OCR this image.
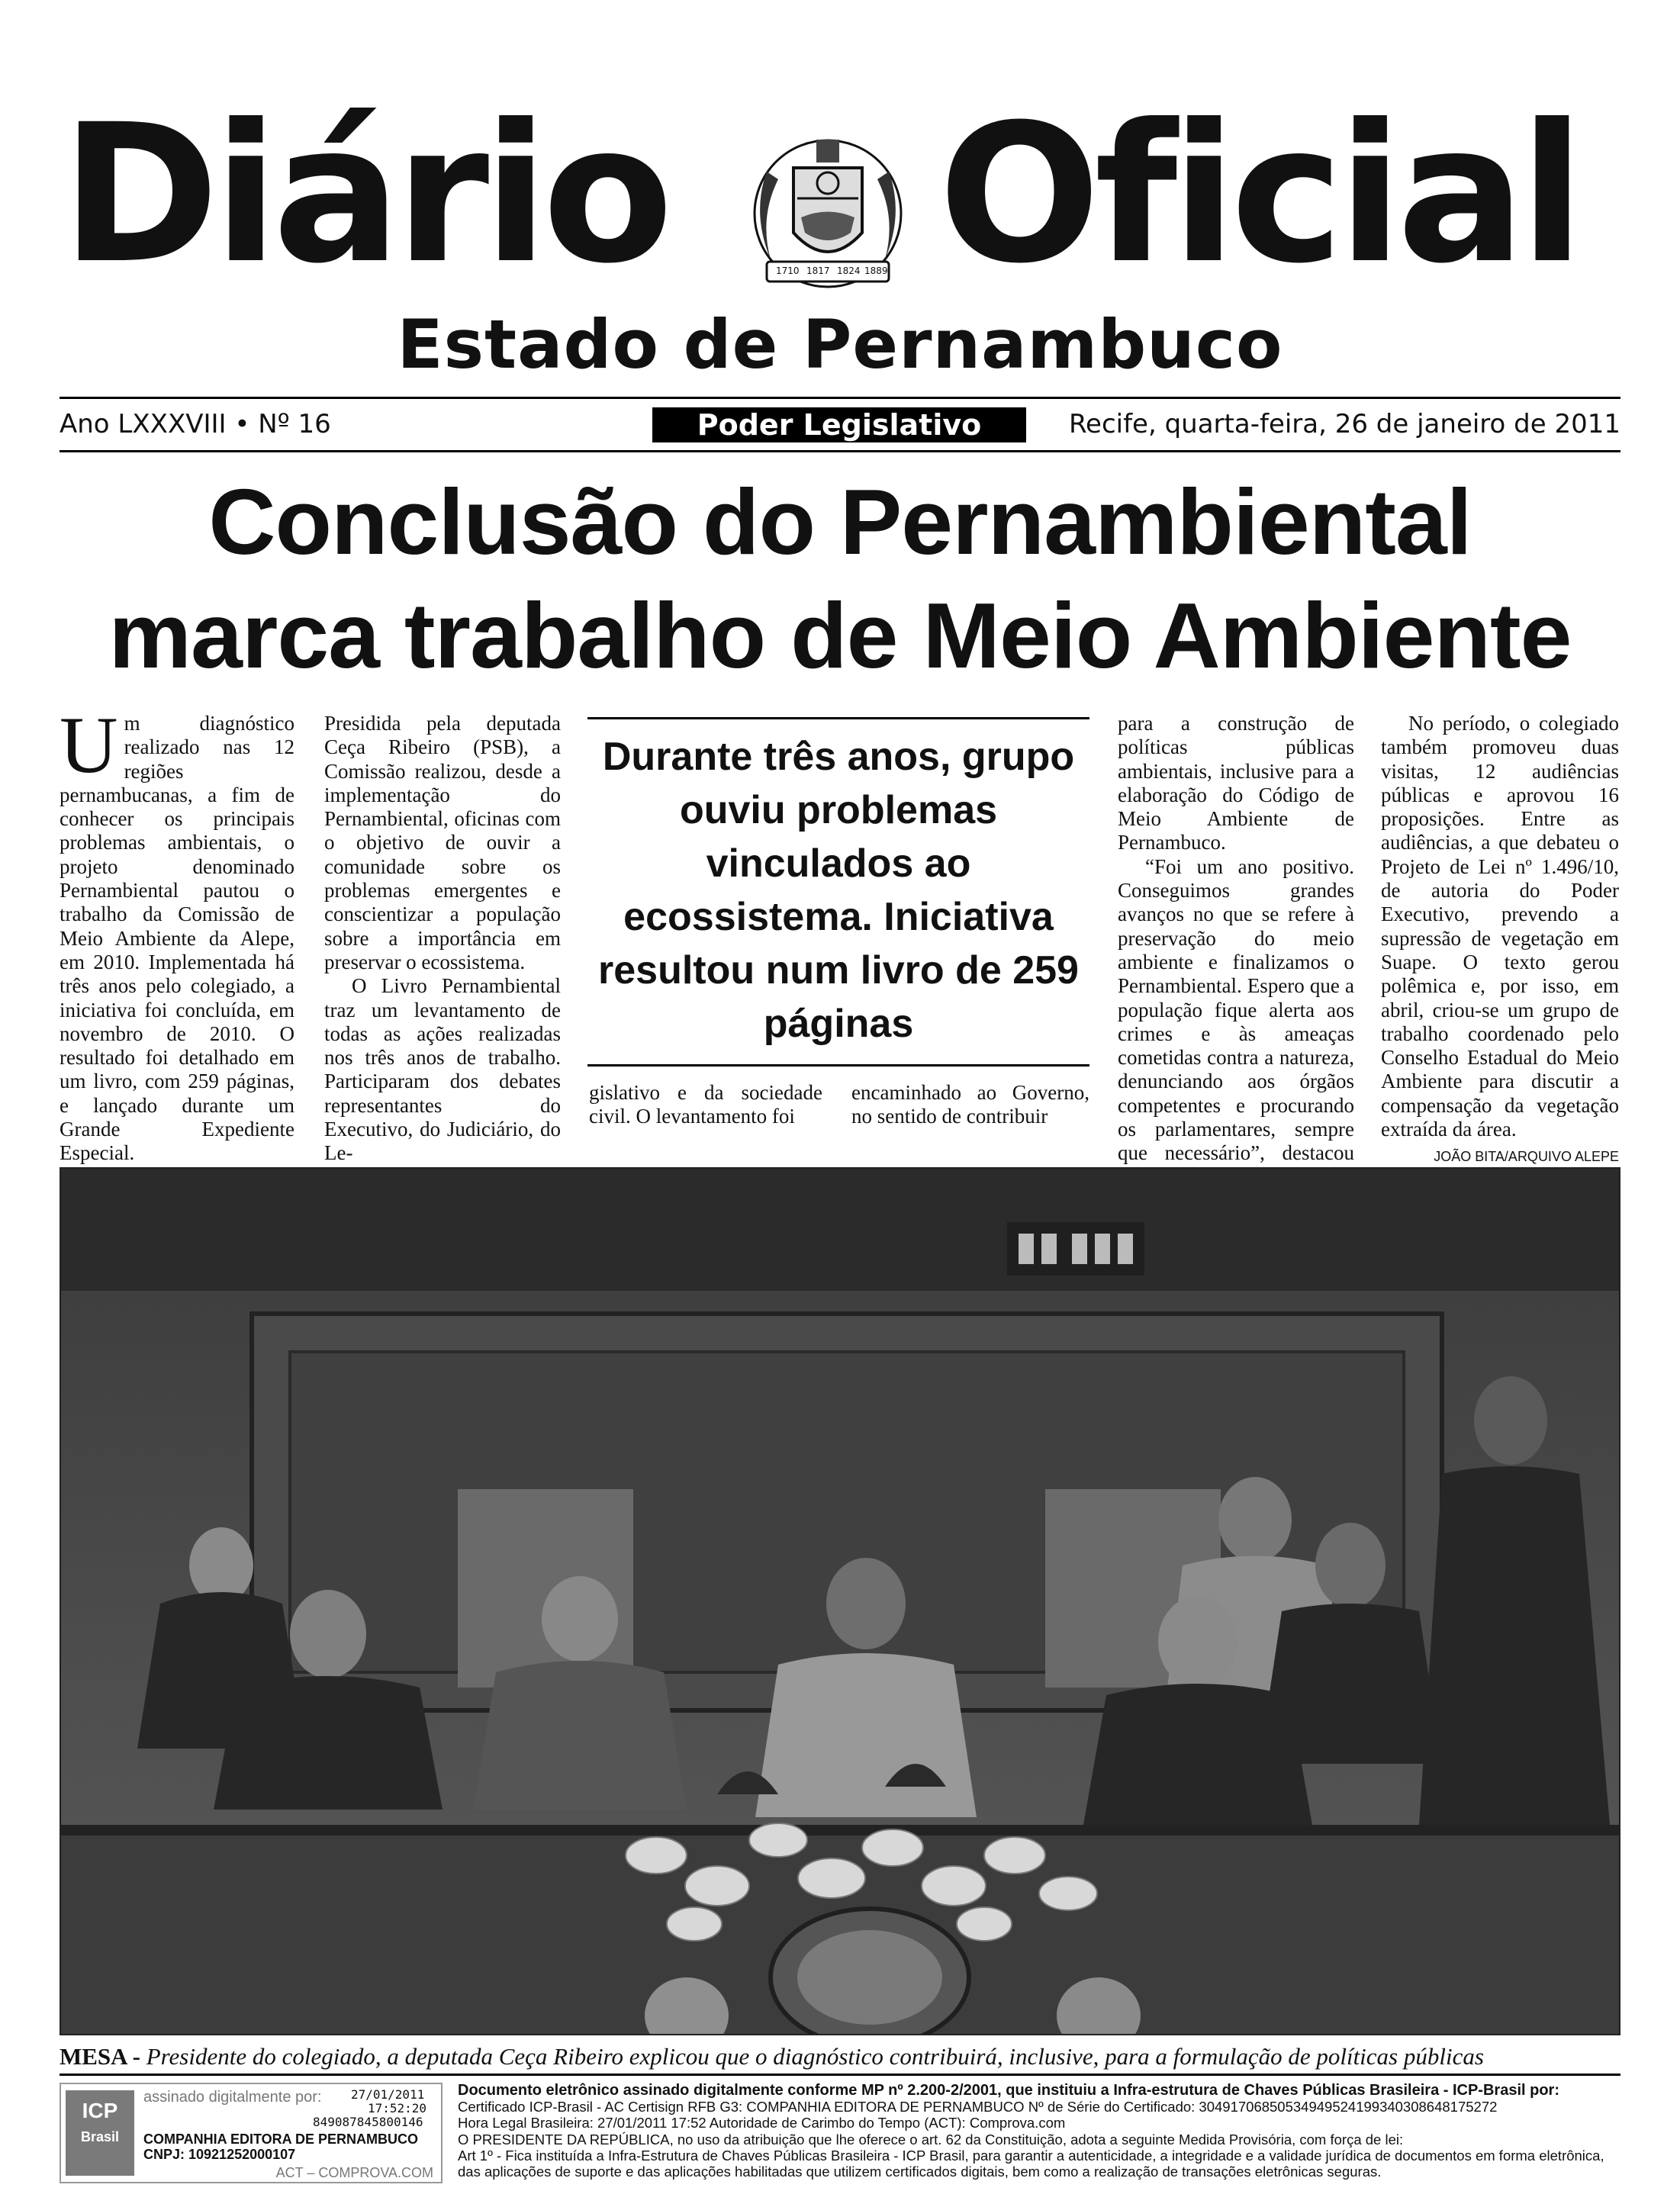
Diário	1710 1817 1824 1889 Oficial
Estado de Pernambuco
Ano LXXXVIII • Nº 16	Poder Legislativo	Recife, quarta-feira, 26 de janeiro de 2011
Conclusão do Pernambiental
marca trabalho de Meio Ambiente

Um diagnóstico realizado nas 12 regiões pernambucanas, a fim de conhecer os principais problemas ambientais, o projeto denominado Pernambiental pautou o trabalho da Comissão de Meio Ambiente da Alepe, em 2010. Implementada há três anos pelo colegiado, a iniciativa foi concluída, em novembro de 2010. O resultado foi detalhado em um livro, com 259 páginas, e lançado durante um Grande Expediente Especial.

Presidida pela deputada Ceça Ribeiro (PSB), a Comissão realizou, desde a implementação do Pernambiental, oficinas com o objetivo de ouvir a comunidade sobre os problemas emergentes e conscientizar a população sobre a importância em preservar o ecossistema.

O Livro Pernambiental traz um levantamento de todas as ações realizadas nos três anos de trabalho. Participaram dos debates representantes do Executivo, do Judiciário, do Le-

Durante três anos, grupo ouviu problemas vinculados ao ecossistema. Iniciativa resultou num livro de 259 páginas

gislativo e da sociedade civil. O levantamento foi

encaminhado ao Governo, no sentido de contribuir

para a construção de políticas públicas ambientais, inclusive para a elaboração do Código de Meio Ambiente de Pernambuco.

“Foi um ano positivo. Conseguimos grandes avanços no que se refere à preservação do meio ambiente e finalizamos o Pernambiental. Espero que a população fique alerta aos crimes e às ameaças cometidas contra a natureza, denunciando aos órgãos competentes e procurando os parlamentares, sempre que necessário”, destacou

No período, o colegiado também promoveu duas visitas, 12 audiências públicas e aprovou 16 proposições. Entre as audiências, a que debateu o Projeto de Lei nº 1.496/10, de autoria do Poder Executivo, prevendo a supressão de vegetação em Suape. O texto gerou polêmica e, por isso, em abril, criou-se um grupo de trabalho coordenado pelo Conselho Estadual do Meio Ambiente para discutir a compensação da vegetação extraída da área.

JOÃO BITA/ARQUIVO ALEPE
MESA - Presidente do colegiado, a deputada Ceça Ribeiro explicou que o diagnóstico contribuirá, inclusive, para a formulação de políticas públicas
ICP
Brasil
assinado digitalmente por: 27/01/2011
17:52:20
849087845800146
COMPANHIA EDITORA DE PERNAMBUCO
CNPJ: 10921252000107
ACT – COMPROVA.COM
Documento eletrônico assinado digitalmente conforme MP nº 2.200-2/2001, que instituiu a Infra-estrutura de Chaves Públicas Brasileira - ICP-Brasil por:
Certificado ICP-Brasil - AC Certisign RFB G3: COMPANHIA EDITORA DE PERNAMBUCO Nº de Série do Certificado: 3049170685053494952419934030864817527​2
Hora Legal Brasileira: 27/01/2011 17:52 Autoridade de Carimbo do Tempo (ACT): Comprova.com
O PRESIDENTE DA REPÚBLICA, no uso da atribuição que lhe oferece o art. 62 da Constituição, adota a seguinte Medida Provisória, com força de lei:
Art 1º - Fica instituída a Infra-Estrutura de Chaves Públicas Brasileira - ICP Brasil, para garantir a autenticidade, a integridade e a validade jurídica de documentos em forma eletrônica, das aplicações de suporte e das aplicações habilitadas que utilizem certificados digitais, bem como a realização de transações eletrônicas seguras.
